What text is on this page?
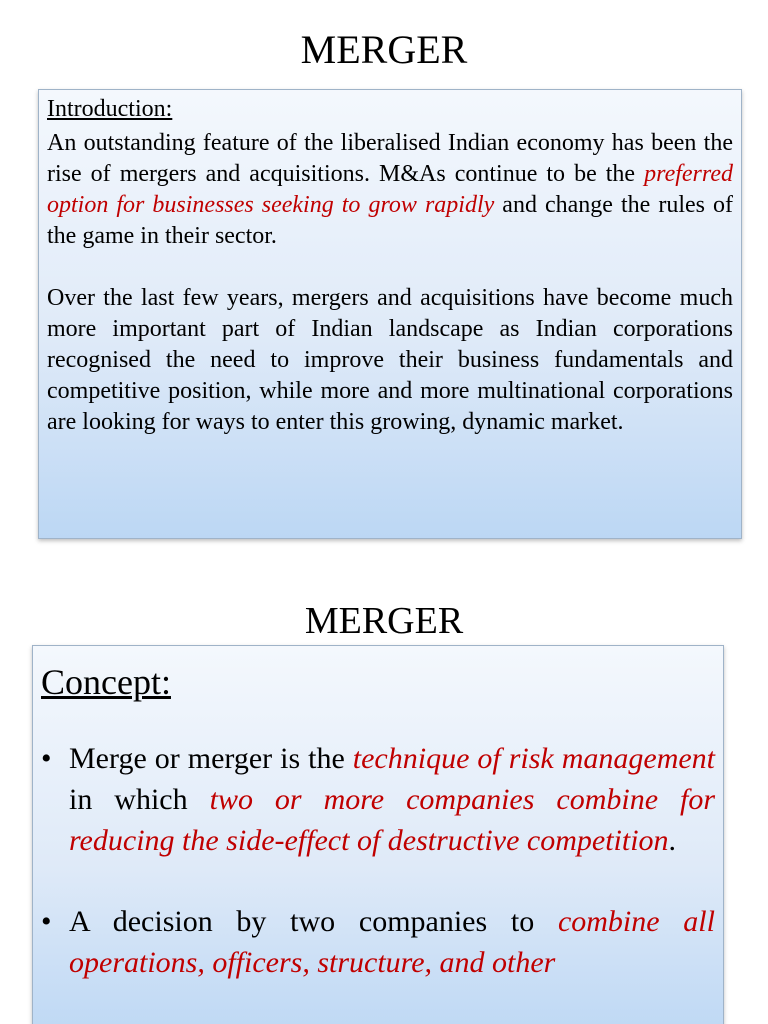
MERGER
Introduction:

An outstanding feature of the liberalised Indian economy has been the rise of mergers and acquisitions. M&As continue to be the preferred option for businesses seeking to grow rapidly and change the rules of the game in their sector.

Over the last few years, mergers and acquisitions have become much more important part of Indian landscape as Indian corporations recognised the need to improve their business fundamentals and competitive position, while more and more multinational corporations are looking for ways to enter this growing, dynamic market.

MERGER
Concept:
• Merge or merger is the technique of risk management in which two or more companies combine for reducing the side-effect of destructive competition.
• A decision by two companies to combine all operations, officers, structure, and other
